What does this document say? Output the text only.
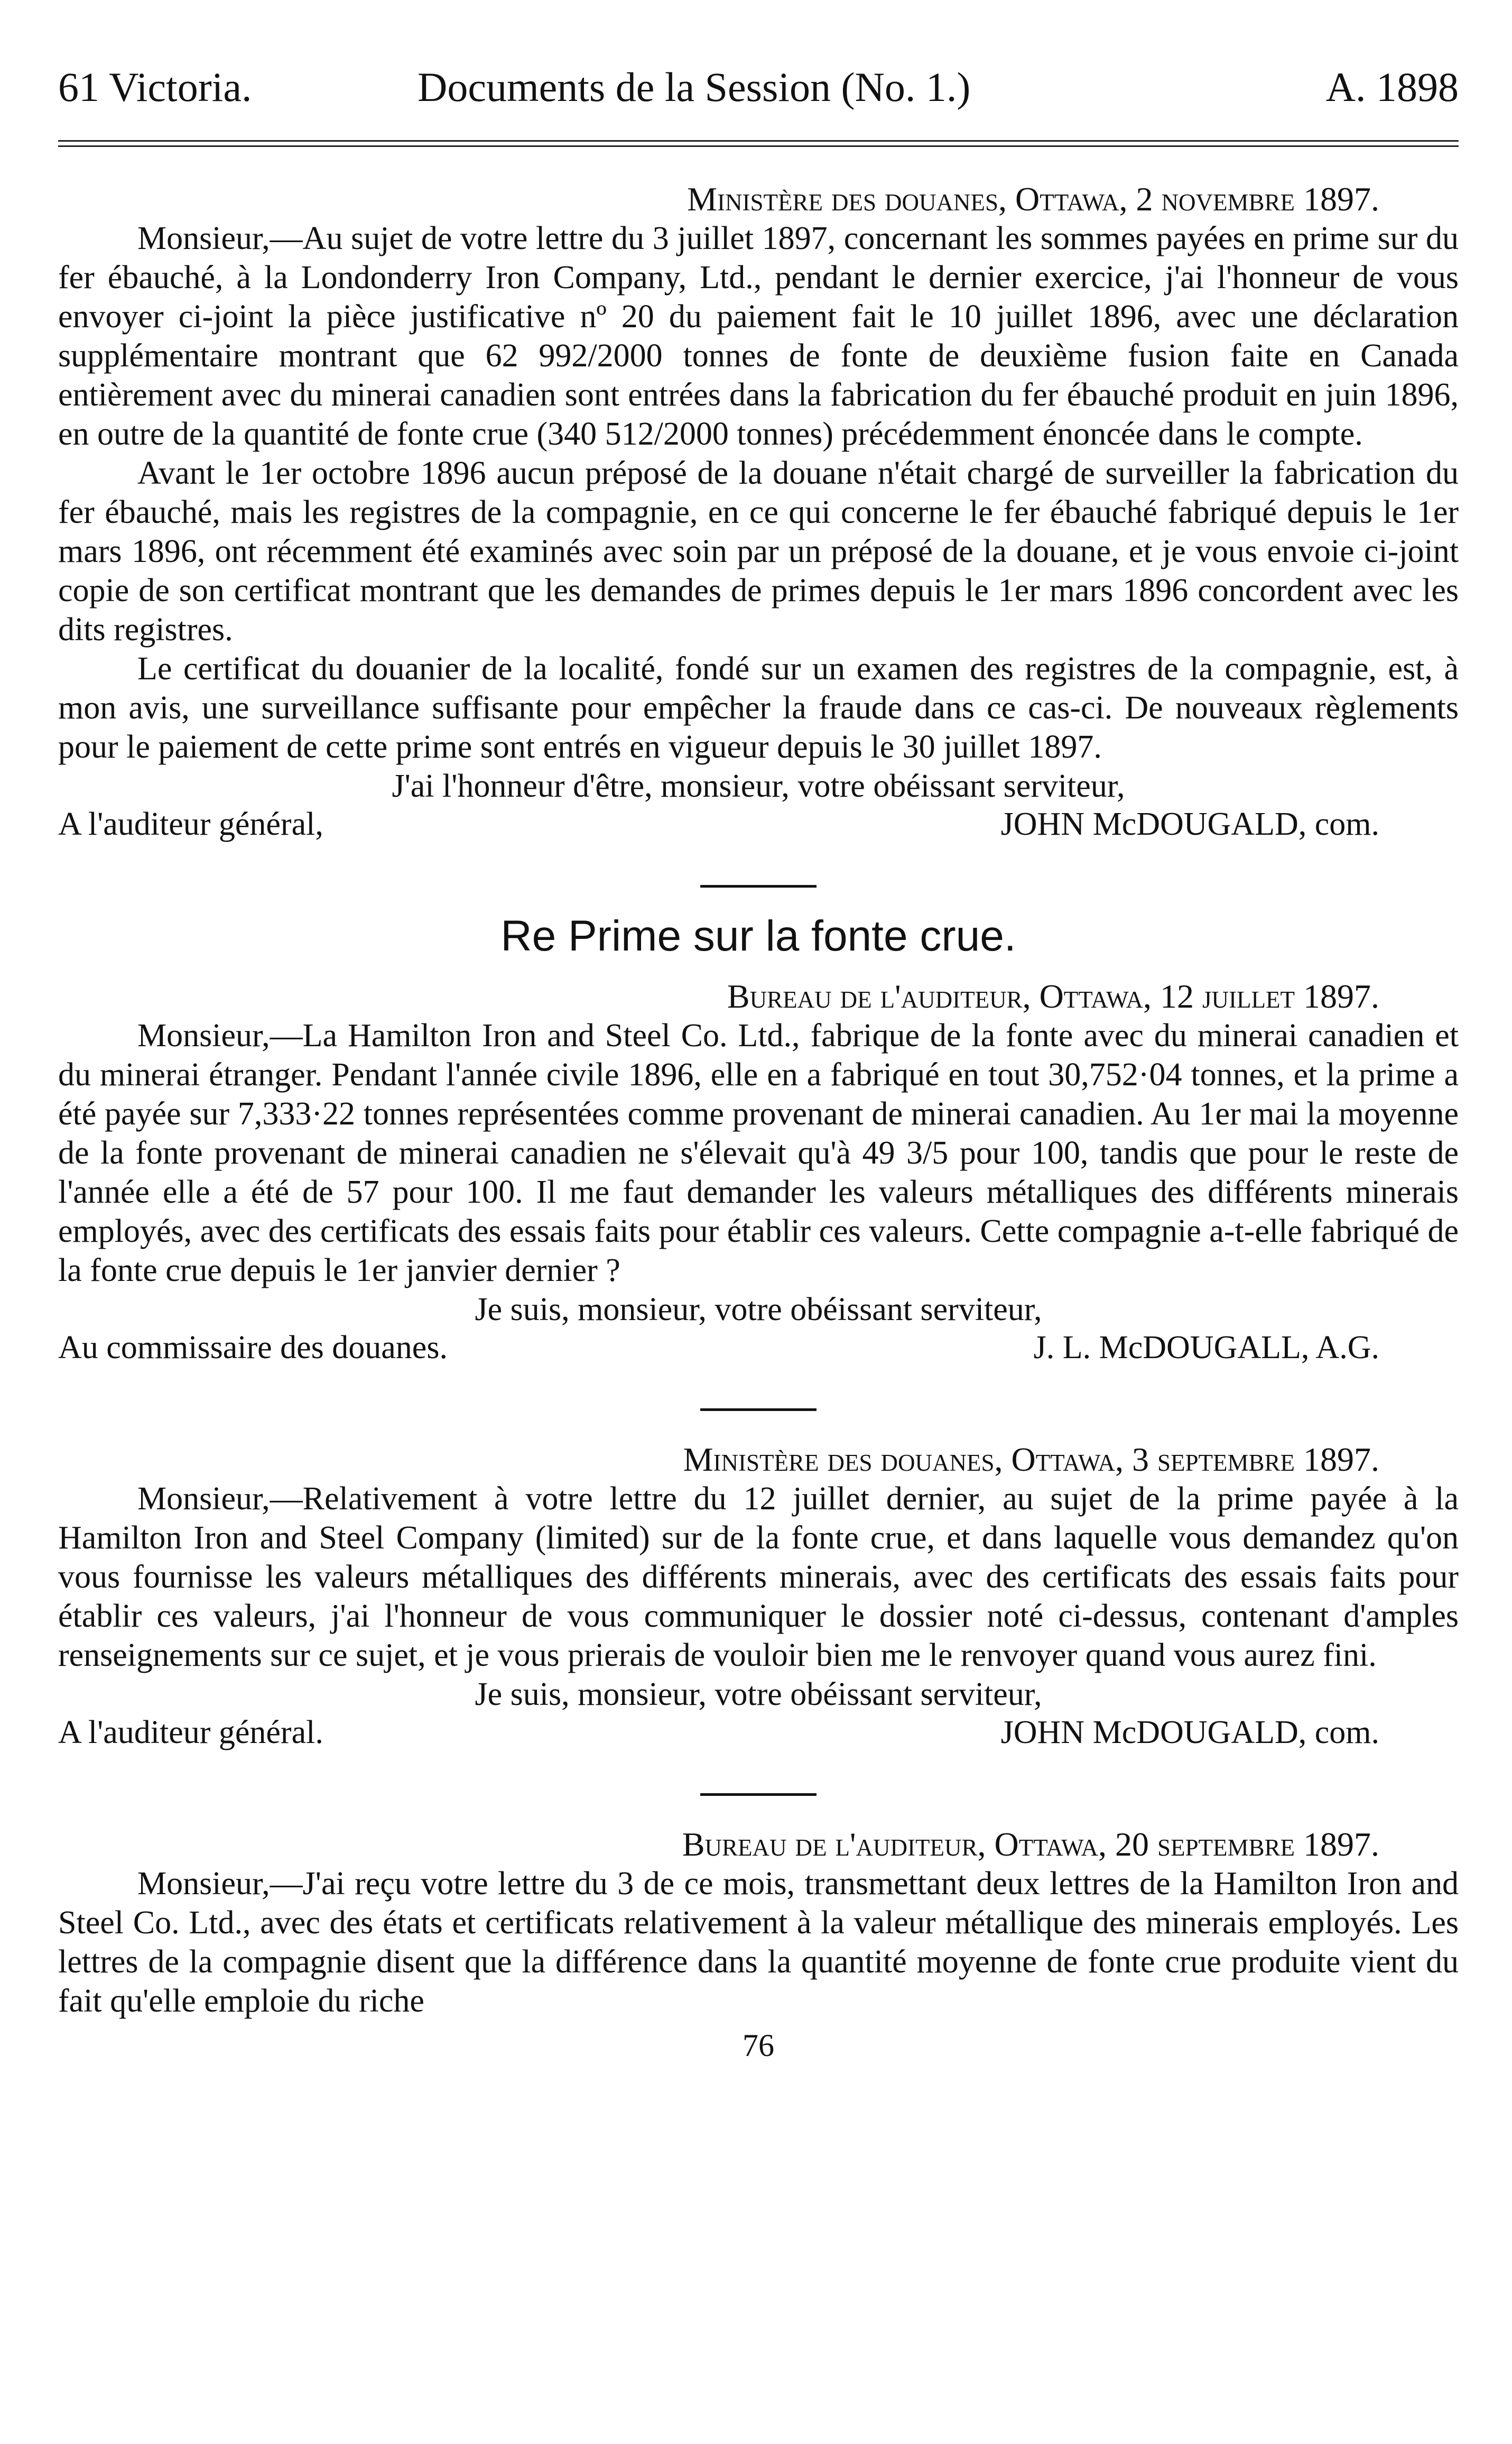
61 Victoria.	Documents de la Session (No. 1.)	A. 1898

Ministère des douanes, Ottawa, 2 novembre 1897.

Monsieur,—Au sujet de votre lettre du 3 juillet 1897, concernant les sommes payées en prime sur du fer ébauché, à la Londonderry Iron Company, Ltd., pendant le dernier exercice, j'ai l'honneur de vous envoyer ci-joint la pièce justificative nº 20 du paiement fait le 10 juillet 1896, avec une déclaration supplémentaire montrant que 62 992/2000 tonnes de fonte de deuxième fusion faite en Canada entièrement avec du minerai canadien sont entrées dans la fabrication du fer ébauché produit en juin 1896, en outre de la quantité de fonte crue (340 512/2000 tonnes) précédemment énoncée dans le compte.

Avant le 1er octobre 1896 aucun préposé de la douane n'était chargé de surveiller la fabrication du fer ébauché, mais les registres de la compagnie, en ce qui concerne le fer ébauché fabriqué depuis le 1er mars 1896, ont récemment été examinés avec soin par un préposé de la douane, et je vous envoie ci-joint copie de son certificat montrant que les demandes de primes depuis le 1er mars 1896 concordent avec les dits registres.

Le certificat du douanier de la localité, fondé sur un examen des registres de la compagnie, est, à mon avis, une surveillance suffisante pour empêcher la fraude dans ce cas-ci. De nouveaux règlements pour le paiement de cette prime sont entrés en vigueur depuis le 30 juillet 1897.

J'ai l'honneur d'être, monsieur, votre obéissant serviteur,

A l'auditeur général,	JOHN McDOUGALD, com.

Re Prime sur la fonte crue.

Bureau de l'auditeur, Ottawa, 12 juillet 1897.

Monsieur,—La Hamilton Iron and Steel Co. Ltd., fabrique de la fonte avec du minerai canadien et du minerai étranger. Pendant l'année civile 1896, elle en a fabriqué en tout 30,752·04 tonnes, et la prime a été payée sur 7,333·22 tonnes représentées comme provenant de minerai canadien. Au 1er mai la moyenne de la fonte provenant de minerai canadien ne s'élevait qu'à 49 3/5 pour 100, tandis que pour le reste de l'année elle a été de 57 pour 100. Il me faut demander les valeurs métalliques des différents minerais employés, avec des certificats des essais faits pour établir ces valeurs. Cette compagnie a-t-elle fabriqué de la fonte crue depuis le 1er janvier dernier ?

Je suis, monsieur, votre obéissant serviteur,

Au commissaire des douanes.	J. L. McDOUGALL, A.G.

Ministère des douanes, Ottawa, 3 septembre 1897.

Monsieur,—Relativement à votre lettre du 12 juillet dernier, au sujet de la prime payée à la Hamilton Iron and Steel Company (limited) sur de la fonte crue, et dans laquelle vous demandez qu'on vous fournisse les valeurs métalliques des différents minerais, avec des certificats des essais faits pour établir ces valeurs, j'ai l'honneur de vous communiquer le dossier noté ci-dessus, contenant d'amples renseignements sur ce sujet, et je vous prierais de vouloir bien me le renvoyer quand vous aurez fini.

Je suis, monsieur, votre obéissant serviteur,

A l'auditeur général.	JOHN McDOUGALD, com.

Bureau de l'auditeur, Ottawa, 20 septembre 1897.

Monsieur,—J'ai reçu votre lettre du 3 de ce mois, transmettant deux lettres de la Hamilton Iron and Steel Co. Ltd., avec des états et certificats relativement à la valeur métallique des minerais employés. Les lettres de la compagnie disent que la différence dans la quantité moyenne de fonte crue produite vient du fait qu'elle emploie du riche

76
